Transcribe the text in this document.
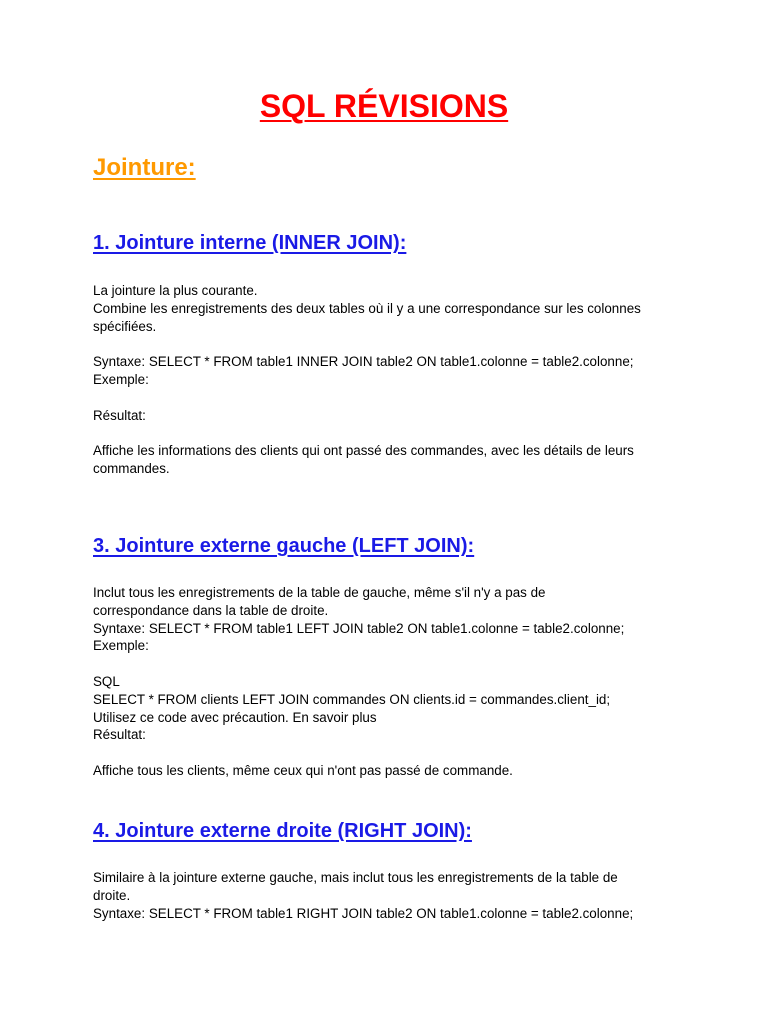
SQL RÉVISIONS
Jointure:
1. Jointure interne (INNER JOIN):
La jointure la plus courante.
Combine les enregistrements des deux tables où il y a une correspondance sur les colonnes
spécifiées.
Syntaxe: SELECT * FROM table1 INNER JOIN table2 ON table1.colonne = table2.colonne;
Exemple:
Résultat:
Affiche les informations des clients qui ont passé des commandes, avec les détails de leurs
commandes.
3. Jointure externe gauche (LEFT JOIN):
Inclut tous les enregistrements de la table de gauche, même s'il n'y a pas de
correspondance dans la table de droite.
Syntaxe: SELECT * FROM table1 LEFT JOIN table2 ON table1.colonne = table2.colonne;
Exemple:
SQL
SELECT * FROM clients LEFT JOIN commandes ON clients.id = commandes.client_id;
Utilisez ce code avec précaution. En savoir plus
Résultat:
Affiche tous les clients, même ceux qui n'ont pas passé de commande.
4. Jointure externe droite (RIGHT JOIN):
Similaire à la jointure externe gauche, mais inclut tous les enregistrements de la table de
droite.
Syntaxe: SELECT * FROM table1 RIGHT JOIN table2 ON table1.colonne = table2.colonne;
